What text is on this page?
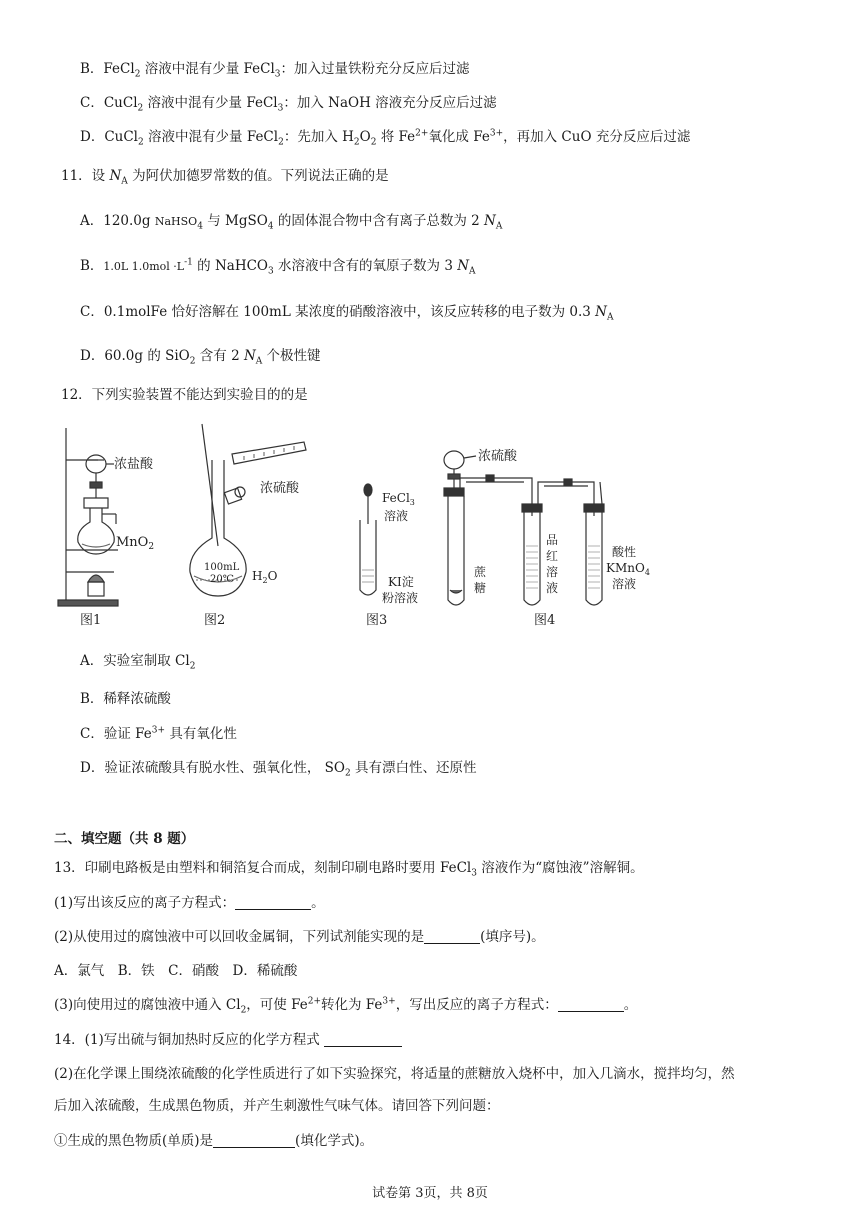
B．FeCl$_2$ 溶液中混有少量 FeCl$_3$：加入过量铁粉充分反应后过滤
C．CuCl$_2$ 溶液中混有少量 FeCl$_3$：加入 NaOH 溶液充分反应后过滤
D．CuCl$_2$ 溶液中混有少量 FeCl$_2$：先加入 $H_2O_2$ 将 $Fe^{2+}$氧化成 $Fe^{3+}$，再加入 CuO 充分反应后过滤
11．设 $N_A$ 为阿伏加德罗常数的值。下列说法正确的是
A．120.0g NaHSO$_4$ 与 MgSO$_4$ 的固体混合物中含有离子总数为 2 $N_A$
B．1.0L $1.0mol \cdot L^{-1}$ 的 NaHCO$_3$ 水溶液中含有的氧原子数为 3 $N_A$
C．0.1molFe 恰好溶解在 100mL 某浓度的硝酸溶液中，该反应转移的电子数为 0.3 $N_A$
D．60.0g 的 SiO$_2$ 含有 2 $N_A$ 个极性键
12．下列实验装置不能达到实验目的的是
浓盐酸
MnO$_2$
图1
浓硫酸
100mL
20℃ $H_2O$
图2
FeCl$_3$
溶液
KI淀
粉溶液
图3
浓硫酸
蔗
糖
品
红
溶
液
酸性
KMnO$_4$
溶液
图4
A．实验室制取 $Cl_2$
B．稀释浓硫酸
C．验证 $Fe^{3+}$ 具有氧化性
D．验证浓硫酸具有脱水性、强氧化性， $SO_2$ 具有漂白性、还原性
二、填空题（共 8 题）
13．印刷电路板是由塑料和铜箔复合而成，刻制印刷电路时要用 FeCl$_3$ 溶液作为“腐蚀液”溶解铜。
(1)写出该反应的离子方程式：	。
(2)从使用过的腐蚀液中可以回收金属铜，下列试剂能实现的是	(填序号)。
A．氯气　B．铁　C．硝酸　D．稀硫酸
(3)向使用过的腐蚀液中通入 $Cl_2$，可使 $Fe^{2+}$转化为 $Fe^{3+}$，写出反应的离子方程式：	。
14．(1)写出硫与铜加热时反应的化学方程式
(2)在化学课上围绕浓硫酸的化学性质进行了如下实验探究，将适量的蔗糖放入烧杯中，加入几滴水，搅拌均匀，然
后加入浓硫酸，生成黑色物质，并产生刺激性气味气体。请回答下列问题：
①生成的黑色物质(单质)是	(填化学式)。
试卷第 3页，共 8页
